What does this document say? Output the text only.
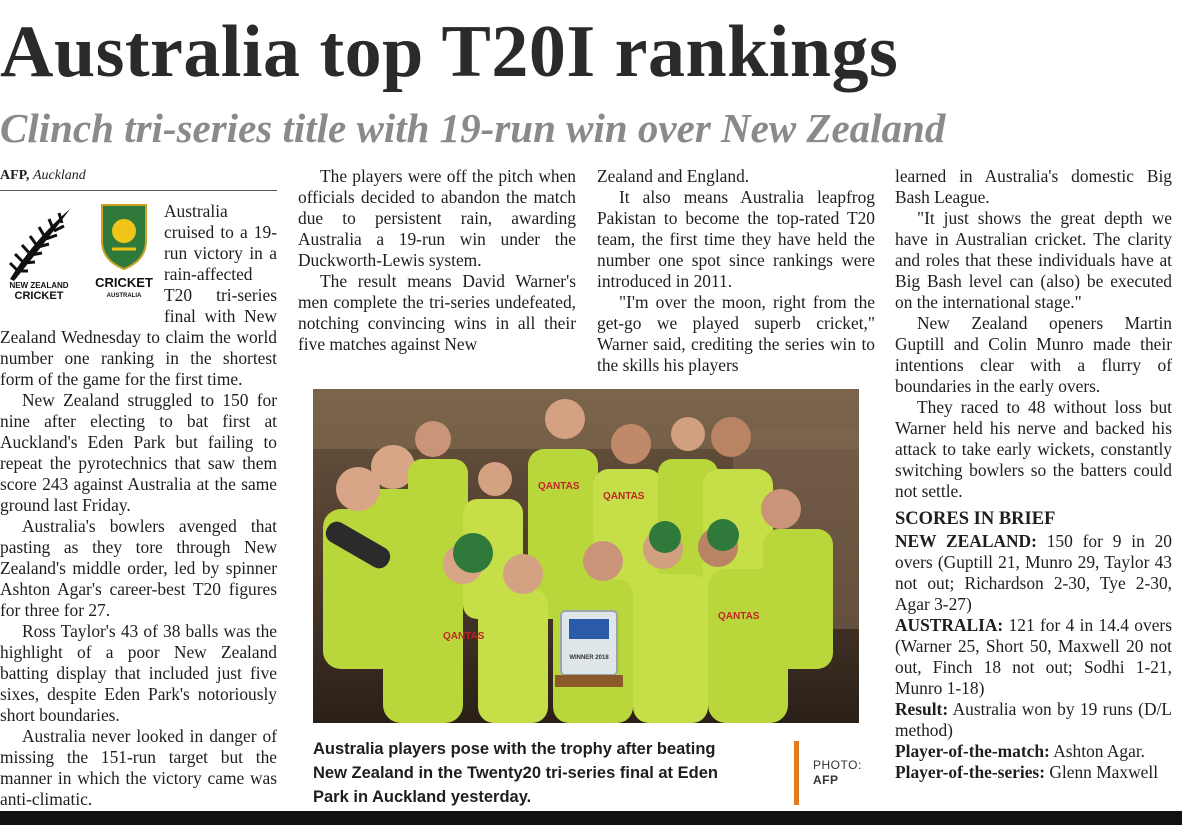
Australia top T20I rankings
Clinch tri-series title with 19-run win over New Zealand
AFP, Auckland
NEW ZEALAND
CRICKET
CRICKET
AUSTRALIA

Australia cruised to a 19-run victory in a rain-affected T20 tri-series final with New Zealand Wednesday to claim the world number one ranking in the shortest form of the game for the first time.

New Zealand struggled to 150 for nine after electing to bat first at Auckland's Eden Park but failing to repeat the pyrotechnics that saw them score 243 against Australia at the same ground last Friday.

Australia's bowlers avenged that pasting as they tore through New Zealand's middle order, led by spinner Ashton Agar's career-best T20 figures for three for 27.

Ross Taylor's 43 of 38 balls was the highlight of a poor New Zealand batting display that included just five sixes, despite Eden Park's notoriously short boundaries.

Australia never looked in danger of missing the 151-run target but the manner in which the victory came was anti-climatic.

The players were off the pitch when officials decided to abandon the match due to persistent rain, awarding Australia a 19-run win under the Duckworth-Lewis system.

The result means David Warner's men complete the tri-series undefeated, notching convincing wins in all their five matches against New

Zealand and England.

It also means Australia leapfrog Pakistan to become the top-rated T20 team, the first time they have held the number one spot since rankings were introduced in 2011.

"I'm over the moon, right from the get-go we played superb cricket," Warner said, crediting the series win to the skills his players

learned in Australia's domestic Big Bash League.

"It just shows the great depth we have in Australian cricket. The clarity and roles that these individuals have at Big Bash level can (also) be executed on the international stage."

New Zealand openers Martin Guptill and Colin Munro made their intentions clear with a flurry of boundaries in the early overs.

They raced to 48 without loss but Warner held his nerve and backed his attack to take early wickets, constantly switching bowlers so the batters could not settle.

SCORES IN BRIEF

NEW ZEALAND: 150 for 9 in 20 overs (Guptill 21, Munro 29, Taylor 43 not out; Richardson 2-30, Tye 2-30, Agar 3-27)

AUSTRALIA: 121 for 4 in 14.4 overs (Warner 25, Short 50, Maxwell 20 not out, Finch 18 not out; Sodhi 1-21, Munro 1-18)

Result: Australia won by 19 runs (D/L method)

Player-of-the-match: Ashton Agar.

Player-of-the-series: Glenn Maxwell

QANTAS
QANTAS
QANTAS
QANTAS
WINNER 2018

Australia players pose with the trophy after beating New Zealand in the Twenty20 tri-series final at Eden Park in Auckland yesterday.

PHOTO:
AFP
